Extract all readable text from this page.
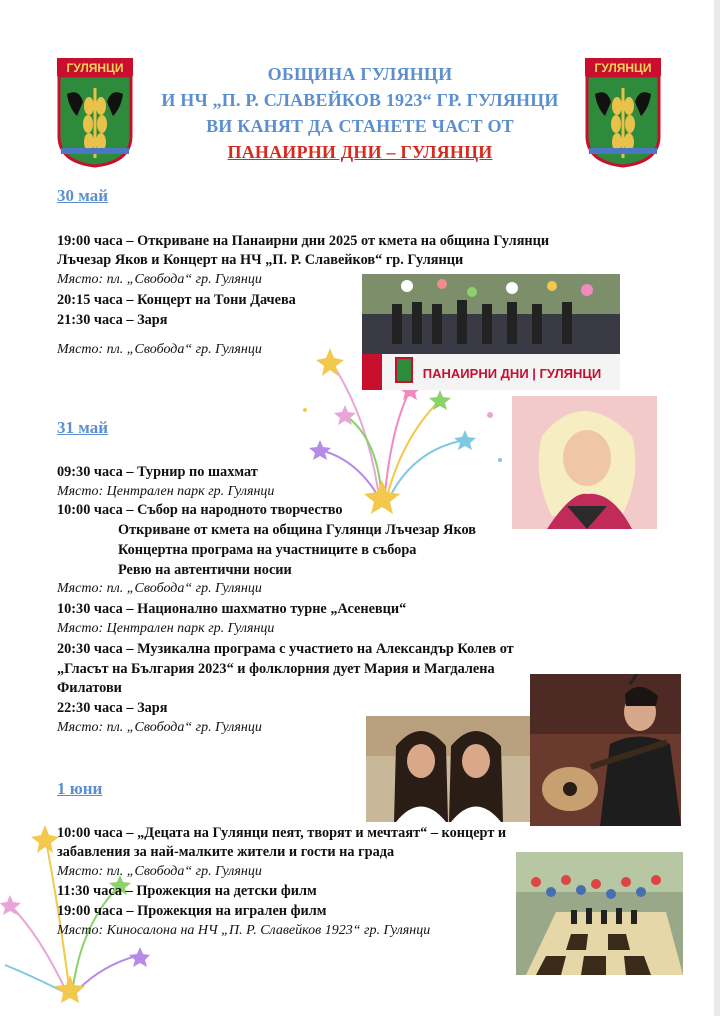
ГУЛЯНЦИ	ГУЛЯНЦИ
ОБЩИНА ГУЛЯНЦИ
И НЧ „П. Р. СЛАВЕЙКОВ 1923“ ГР. ГУЛЯНЦИ
ВИ КАНЯТ ДА СТАНЕТЕ ЧАСТ ОТ
ПАНАИРНИ ДНИ – ГУЛЯНЦИ
ПАНАИРНИ ДНИ | ГУЛЯНЦИ
30 май
19:00 часа – Откриване на Панаирни дни 2025 от кмета на община Гулянци
Лъчезар Яков и Концерт на НЧ „П. Р. Славейков“ гр. Гулянци
Място: пл. „Свобода“ гр. Гулянци
20:15 часа – Концерт на Тони Дачева
21:30 часа – Заря
Място: пл. „Свобода“ гр. Гулянци
31 май
09:30 часа – Турнир по шахмат
Място: Централен парк гр. Гулянци
10:00 часа – Събор на народното творчество
Откриване от кмета на община Гулянци Лъчезар Яков
Концертна програма на участниците в събора
Ревю на автентични носии
Място: пл. „Свобода“ гр. Гулянци
10:30 часа – Национално шахматно турне „Асеневци“
Място: Централен парк гр. Гулянци
20:30 часа – Музикална програма с участието на Александър Колев от
„Гласът на България 2023“ и фолклорния дует Мария и Магдалена
Филатови
22:30 часа – Заря
Място: пл. „Свобода“ гр. Гулянци
1 юни
10:00 часа – „Децата на Гулянци пеят, творят и мечтаят“ – концерт и
забавления за най-малките жители и гости на града
Място: пл. „Свобода“ гр. Гулянци
11:30 часа – Прожекция на детски филм
19:00 часа – Прожекция на игрален филм
Място: Киносалона на НЧ „П. Р. Славейков 1923“ гр. Гулянци
